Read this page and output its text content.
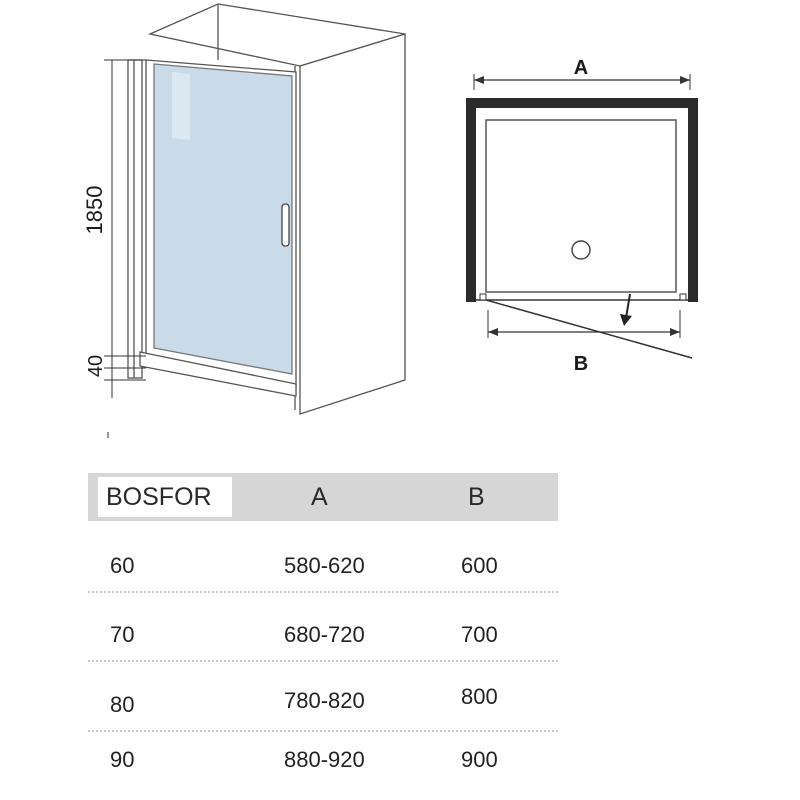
1850
40
A
B
BOSFOR	A	B
60	580-620	600
70	680-720	700
80	780-820	800
90	880-920	900
